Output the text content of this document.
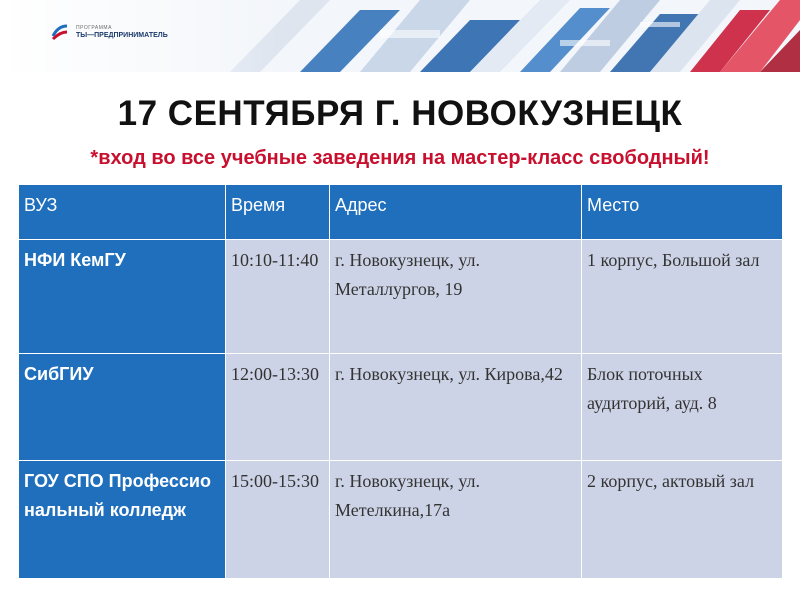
ПРОГРАММА
ТЫ—ПРЕДПРИНИМАТЕЛЬ
17 СЕНТЯБРЯ Г. НОВОКУЗНЕЦК

*вход во все учебные заведения на мастер-класс свободный!

ВУЗ	Время	Адрес	Место
НФИ КемГУ	10:10-11:40	г. Новокузнецк, ул. Металлургов, 19	1 корпус, Большой зал
СибГИУ	12:00-13:30	г. Новокузнецк, ул. Кирова,42	Блок поточных аудиторий, ауд. 8
ГОУ СПО Профессиональный колледж	15:00-15:30	г. Новокузнецк, ул. Метелкина,17а	2 корпус, актовый зал
